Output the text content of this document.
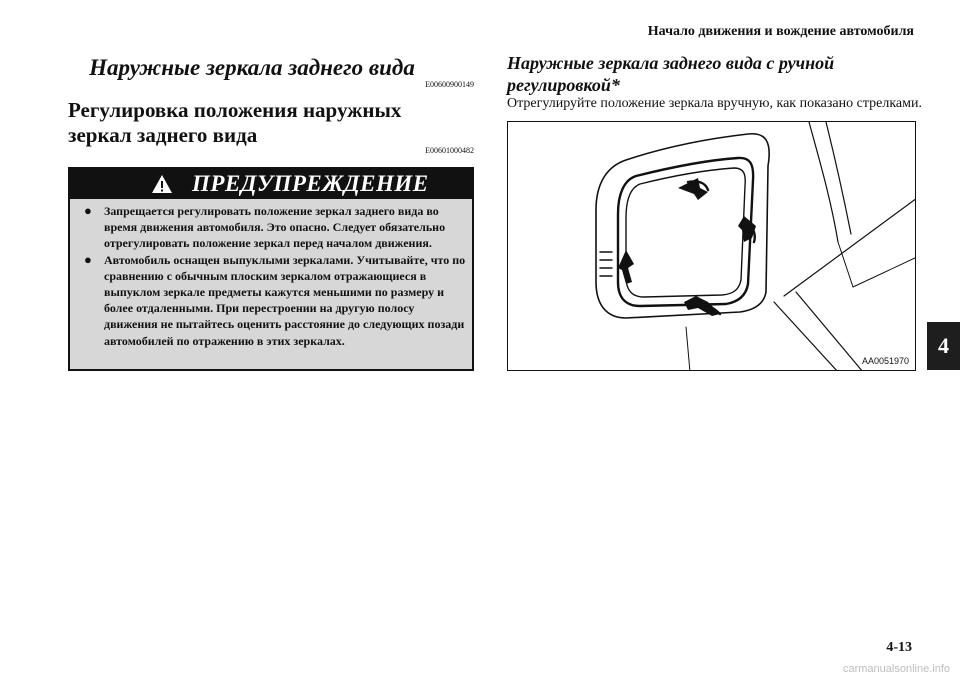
Начало движения и вождение автомобиля
Наружные зеркала заднего вида
E00600900149
Регулировка положения наружных зеркал заднего вида
E00601000482
ПРЕДУПРЕЖДЕНИЕ
● Запрещается регулировать положение зеркал заднего вида во время движения автомобиля. Это опасно. Следует обязательно отрегулировать положение зеркал перед началом движения.
● Автомобиль оснащен выпуклыми зеркалами. Учитывайте, что по сравнению с обычным плоским зеркалом отражающиеся в выпуклом зеркале предметы кажутся меньшими по размеру и более отдаленными. При перестроении на другую полосу движения не пытайтесь оценить расстояние до следующих позади автомобилей по отражению в этих зеркалах.
Наружные зеркала заднего вида с ручной регулировкой*
Отрегулируйте положение зеркала вручную, как показано стрелками.
AA0051970
4
4-13
carmanualsonline.info
